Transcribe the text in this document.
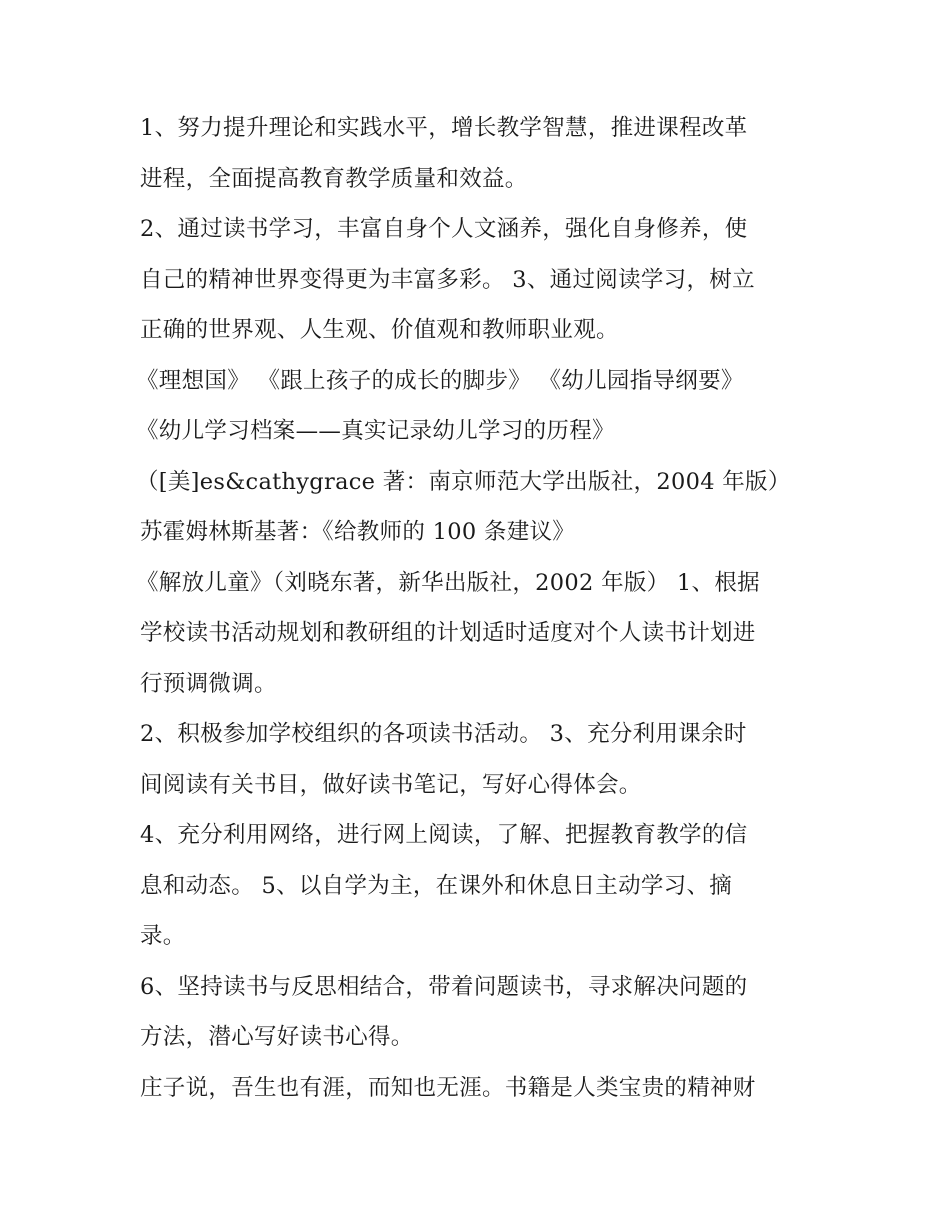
1、努力提升理论和实践水平，增长教学智慧，推进课程改革
进程，全面提高教育教学质量和效益。
2、通过读书学习，丰富自身个人文涵养，强化自身修养，使
自己的精神世界变得更为丰富多彩。 3、通过阅读学习，树立
正确的世界观、人生观、价值观和教师职业观。
《理想国》 《跟上孩子的成长的脚步》 《幼儿园指导纲要》
《幼儿学习档案——真实记录幼儿学习的历程》
（[美]es&cathygrace 著：南京师范大学出版社，2004 年版）
苏霍姆林斯基著：《给教师的 100 条建议》
《解放儿童》（刘晓东著，新华出版社，2002 年版） 1、根据
学校读书活动规划和教研组的计划适时适度对个人读书计划进
行预调微调。
2、积极参加学校组织的各项读书活动。 3、充分利用课余时
间阅读有关书目，做好读书笔记，写好心得体会。
4、充分利用网络，进行网上阅读，了解、把握教育教学的信
息和动态。 5、以自学为主，在课外和休息日主动学习、摘
录。
6、坚持读书与反思相结合，带着问题读书，寻求解决问题的
方法，潜心写好读书心得。
庄子说，吾生也有涯，而知也无涯。书籍是人类宝贵的精神财
